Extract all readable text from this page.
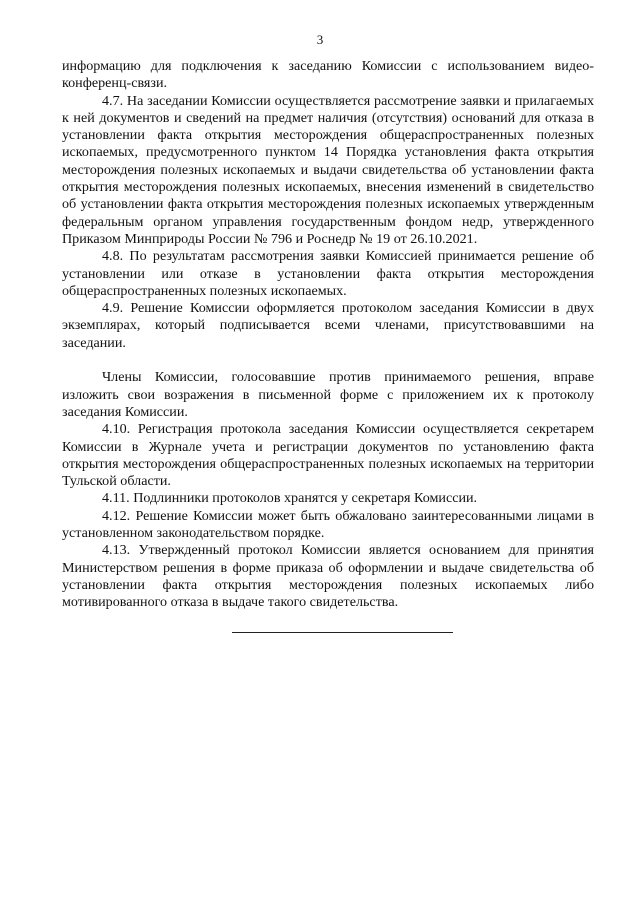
3

информацию для подключения к заседанию Комиссии с использованием видео-конференц-связи.

4.7. На заседании Комиссии осуществляется рассмотрение заявки и прилагаемых к ней документов и сведений на предмет наличия (отсутствия) оснований для отказа в установлении факта открытия месторождения общераспространенных полезных ископаемых, предусмотренного пунктом 14 Порядка установления факта открытия месторождения полезных ископаемых и выдачи свидетельства об установлении факта открытия месторождения полезных ископаемых, внесения изменений в свидетельство об установлении факта открытия месторождения полезных ископаемых утвержденным федеральным органом управления государственным фондом недр, утвержденного Приказом Минприроды России № 796 и Роснедр № 19 от 26.10.2021.

4.8. По результатам рассмотрения заявки Комиссией принимается решение об установлении или отказе в установлении факта открытия месторождения общераспространенных полезных ископаемых.

4.9. Решение Комиссии оформляется протоколом заседания Комиссии в двух экземплярах, который подписывается всеми членами, присутствовавшими на заседании.

Члены Комиссии, голосовавшие против принимаемого решения, вправе изложить свои возражения в письменной форме с приложением их к протоколу заседания Комиссии.

4.10. Регистрация протокола заседания Комиссии осуществляется секретарем Комиссии в Журнале учета и регистрации документов по установлению факта открытия месторождения общераспространенных полезных ископаемых на территории Тульской области.

4.11. Подлинники протоколов хранятся у секретаря Комиссии.

4.12. Решение Комиссии может быть обжаловано заинтересованными лицами в установленном законодательством порядке.

4.13. Утвержденный протокол Комиссии является основанием для принятия Министерством решения в форме приказа об оформлении и выдаче свидетельства об установлении факта открытия месторождения полезных ископаемых либо мотивированного отказа в выдаче такого свидетельства.
